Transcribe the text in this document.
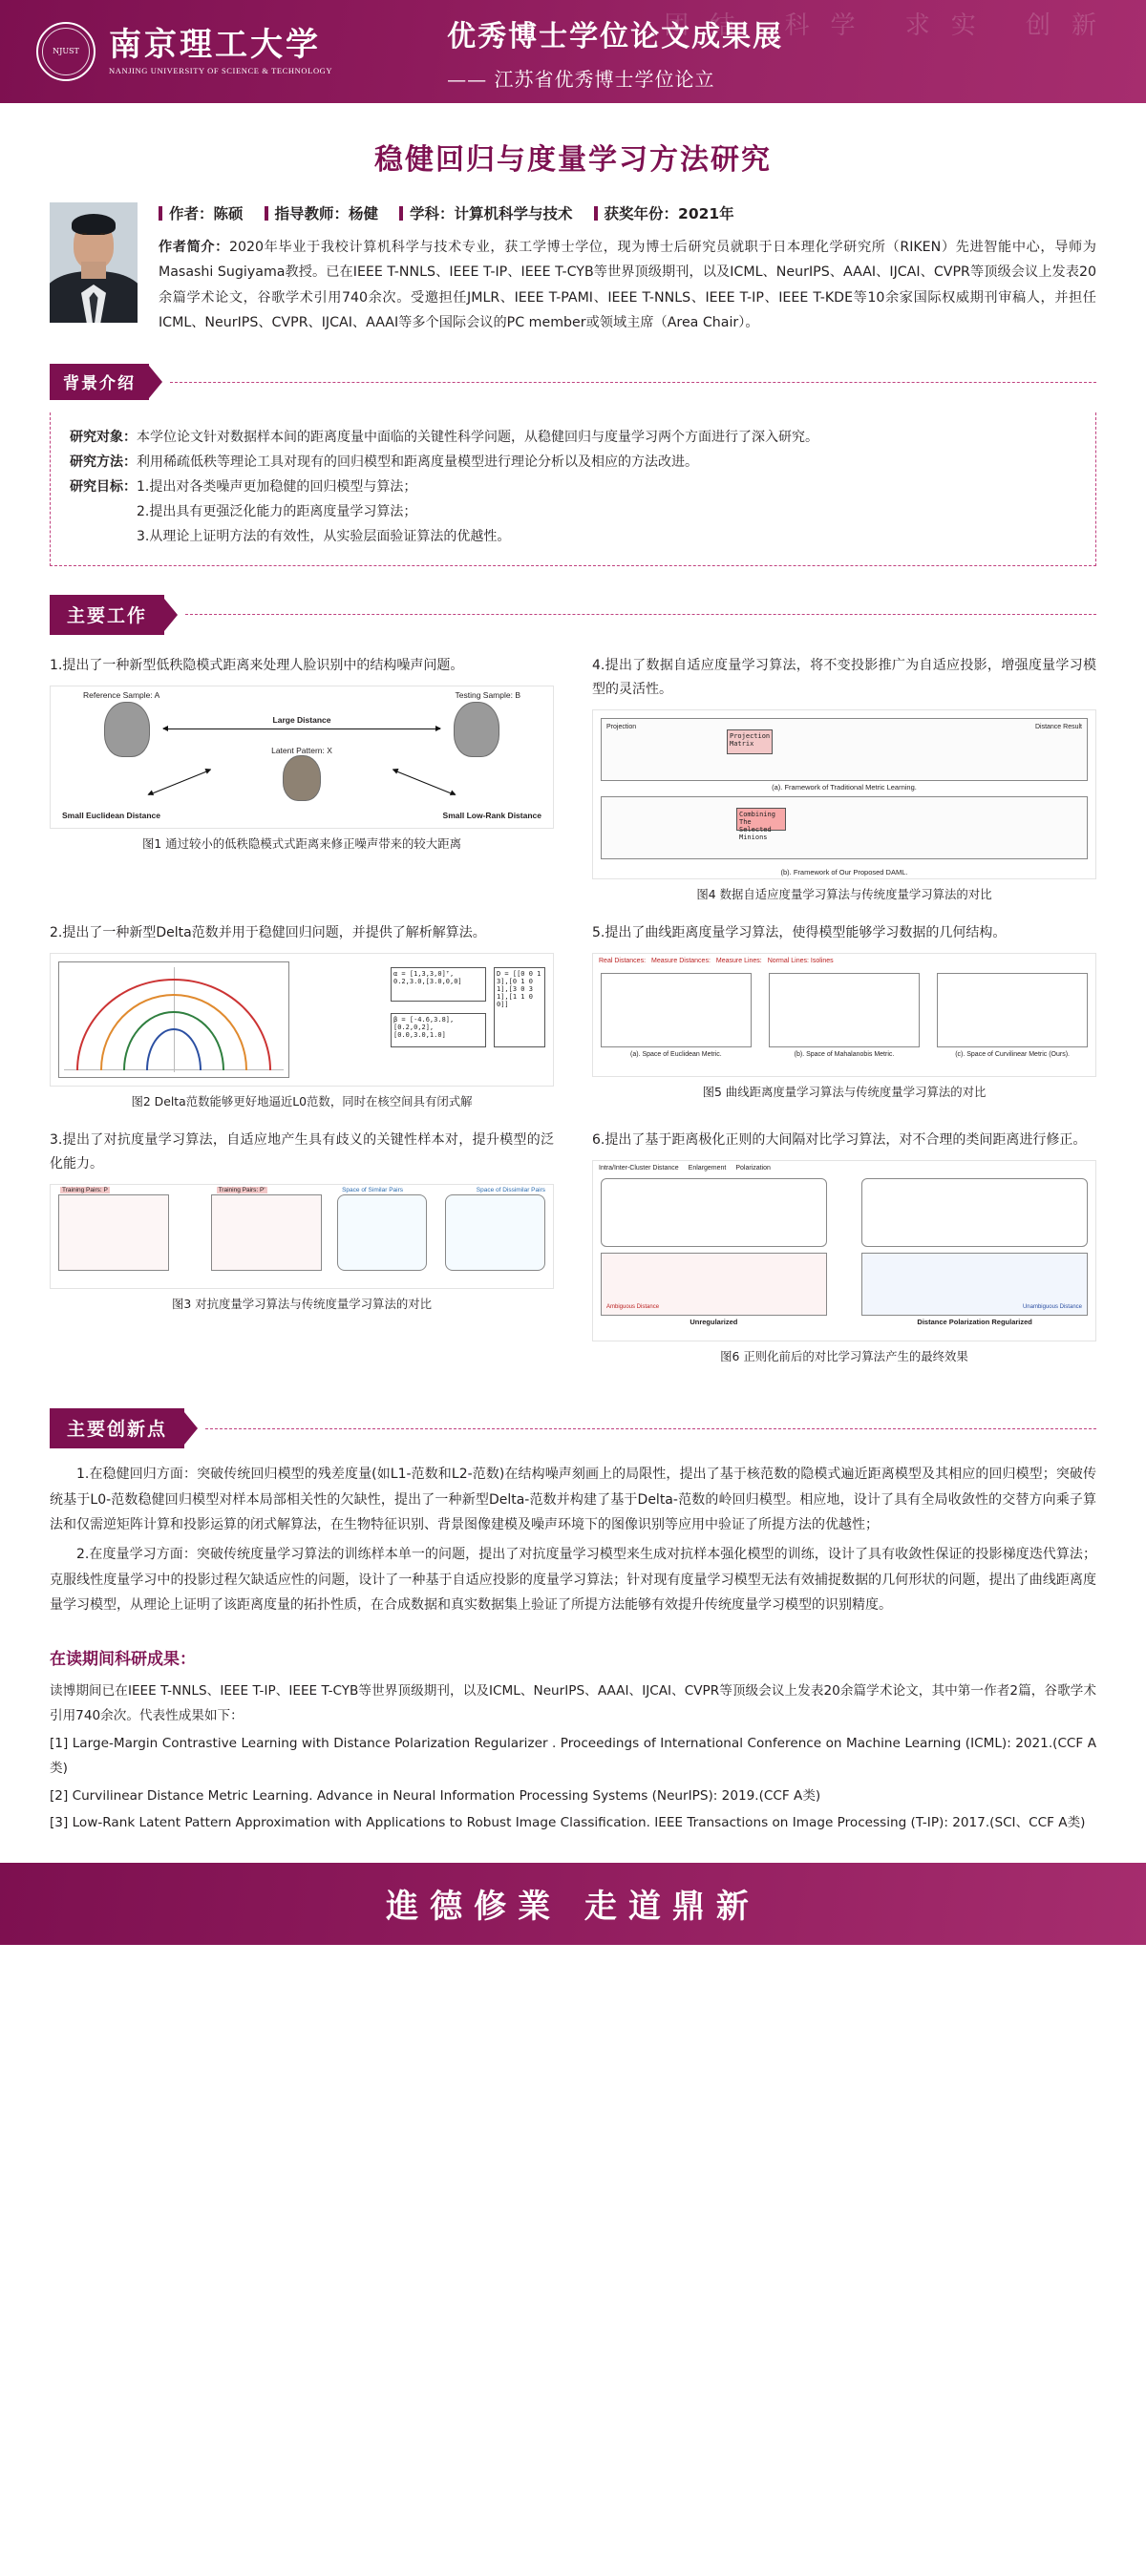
团结 科学 求实 创新
NJUST 南京理工大学
NANJING UNIVERSITY OF SCIENCE & TECHNOLOGY
优秀博士学位论文成果展
—— 江苏省优秀博士学位论立
稳健回归与度量学习方法研究
作者：陈硕 指导教师：杨健 学科：计算机科学与技术 获奖年份：2021年
作者简介：2020年毕业于我校计算机科学与技术专业，获工学博士学位，现为博士后研究员就职于日本理化学研究所（RIKEN）先进智能中心，导师为Masashi Sugiyama教授。已在IEEE T-NNLS、IEEE T-IP、IEEE T-CYB等世界顶级期刊，以及ICML、NeurIPS、AAAI、IJCAI、CVPR等顶级会议上发表20余篇学术论文，谷歌学术引用740余次。受邀担任JMLR、IEEE T-PAMI、IEEE T-NNLS、IEEE T-IP、IEEE T-KDE等10余家国际权威期刊审稿人，并担任ICML、NeurIPS、CVPR、IJCAI、AAAI等多个国际会议的PC member或领域主席（Area Chair）。
背景介绍
研究对象： 本学位论文针对数据样本间的距离度量中面临的关键性科学问题，从稳健回归与度量学习两个方面进行了深入研究。
研究方法： 利用稀疏低秩等理论工具对现有的回归模型和距离度量模型进行理论分析以及相应的方法改进。
研究目标： 1.提出对各类噪声更加稳健的回归模型与算法；
2.提出具有更强泛化能力的距离度量学习算法；
3.从理论上证明方法的有效性，从实验层面验证算法的优越性。
主要工作
1.提出了一种新型低秩隐模式距离来处理人脸识别中的结构噪声问题。
Reference Sample: A	Testing Sample: B
Large Distance
Latent Pattern: X
Small Euclidean Distance	Small Low-Rank Distance
图1 通过较小的低秩隐模式式距离来修正噪声带来的较大距离
4.提出了数据自适应度量学习算法，将不变投影推广为自适应投影，增强度量学习模型的灵活性。
Projection Matrix
Projection	Distance Result
(a). Framework of Traditional Metric Learning.
Combining The Selected Minions
(b). Framework of Our Proposed DAML.
图4 数据自适应度量学习算法与传统度量学习算法的对比
2.提出了一种新型Delta范数并用于稳健回归问题，并提供了解析解算法。
α = [1,3,3,0]ᵀ, 0.2,3.0,[3.0,0,0]
β = [-4.6,3.8],[0.2,0,2],[0.0,3.0,1.0]
D = [[0 0 1 3],[0 1 0 1],[3 0 3 1],[1 1 0 0]]
图2 Delta范数能够更好地逼近L0范数，同时在核空间具有闭式解
5.提出了曲线距离度量学习算法，使得模型能够学习数据的几何结构。
Real Distances: Measure Distances: Measure Lines: Normal Lines: Isolines
(a). Space of Euclidean Metric.	(b). Space of Mahalanobis Metric.	(c). Space of Curvilinear Metric (Ours).
图5 曲线距离度量学习算法与传统度量学习算法的对比
3.提出了对抗度量学习算法，自适应地产生具有歧义的关键性样本对，提升模型的泛化能力。
Training Pairs: P	Training Pairs: P'	Space of Similar Pairs	Space of Dissimilar Pairs
图3 对抗度量学习算法与传统度量学习算法的对比
6.提出了基于距离极化正则的大间隔对比学习算法，对不合理的类间距离进行修正。
Intra/Inter-Cluster Distance Enlargement Polarization
Unregularized	Distance Polarization Regularized
Ambiguous Distance	Unambiguous Distance
图6 正则化前后的对比学习算法产生的最终效果
主要创新点

1.在稳健回归方面：突破传统回归模型的残差度量(如L1-范数和L2-范数)在结构噪声刻画上的局限性，提出了基于核范数的隐模式遍近距离模型及其相应的回归模型；突破传统基于L0-范数稳健回归模型对样本局部相关性的欠缺性，提出了一种新型Delta-范数并构建了基于Delta-范数的岭回归模型。相应地，设计了具有全局收敛性的交替方向乘子算法和仅需逆矩阵计算和投影运算的闭式解算法，在生物特征识别、背景图像建模及噪声环境下的图像识别等应用中验证了所提方法的优越性；

2.在度量学习方面：突破传统度量学习算法的训练样本单一的问题，提出了对抗度量学习模型来生成对抗样本强化模型的训练，设计了具有收敛性保证的投影梯度迭代算法；克服线性度量学习中的投影过程欠缺适应性的问题，设计了一种基于自适应投影的度量学习算法；针对现有度量学习模型无法有效捕捉数据的几何形状的问题，提出了曲线距离度量学习模型，从理论上证明了该距离度量的拓扑性质，在合成数据和真实数据集上验证了所提方法能够有效提升传统度量学习模型的识别精度。

在读期间科研成果：

读博期间已在IEEE T-NNLS、IEEE T-IP、IEEE T-CYB等世界顶级期刊，以及ICML、NeurIPS、AAAI、IJCAI、CVPR等顶级会议上发表20余篇学术论文，其中第一作者2篇，谷歌学术引用740余次。代表性成果如下：

[1] Large-Margin Contrastive Learning with Distance Polarization Regularizer . Proceedings of International Conference on Machine Learning (ICML): 2021.(CCF A类)

[2] Curvilinear Distance Metric Learning. Advance in Neural Information Processing Systems (NeurIPS): 2019.(CCF A类)

[3] Low-Rank Latent Pattern Approximation with Applications to Robust Image Classification. IEEE Transactions on Image Processing (T-IP): 2017.(SCI、CCF A类)

進德修業 走道鼎新
